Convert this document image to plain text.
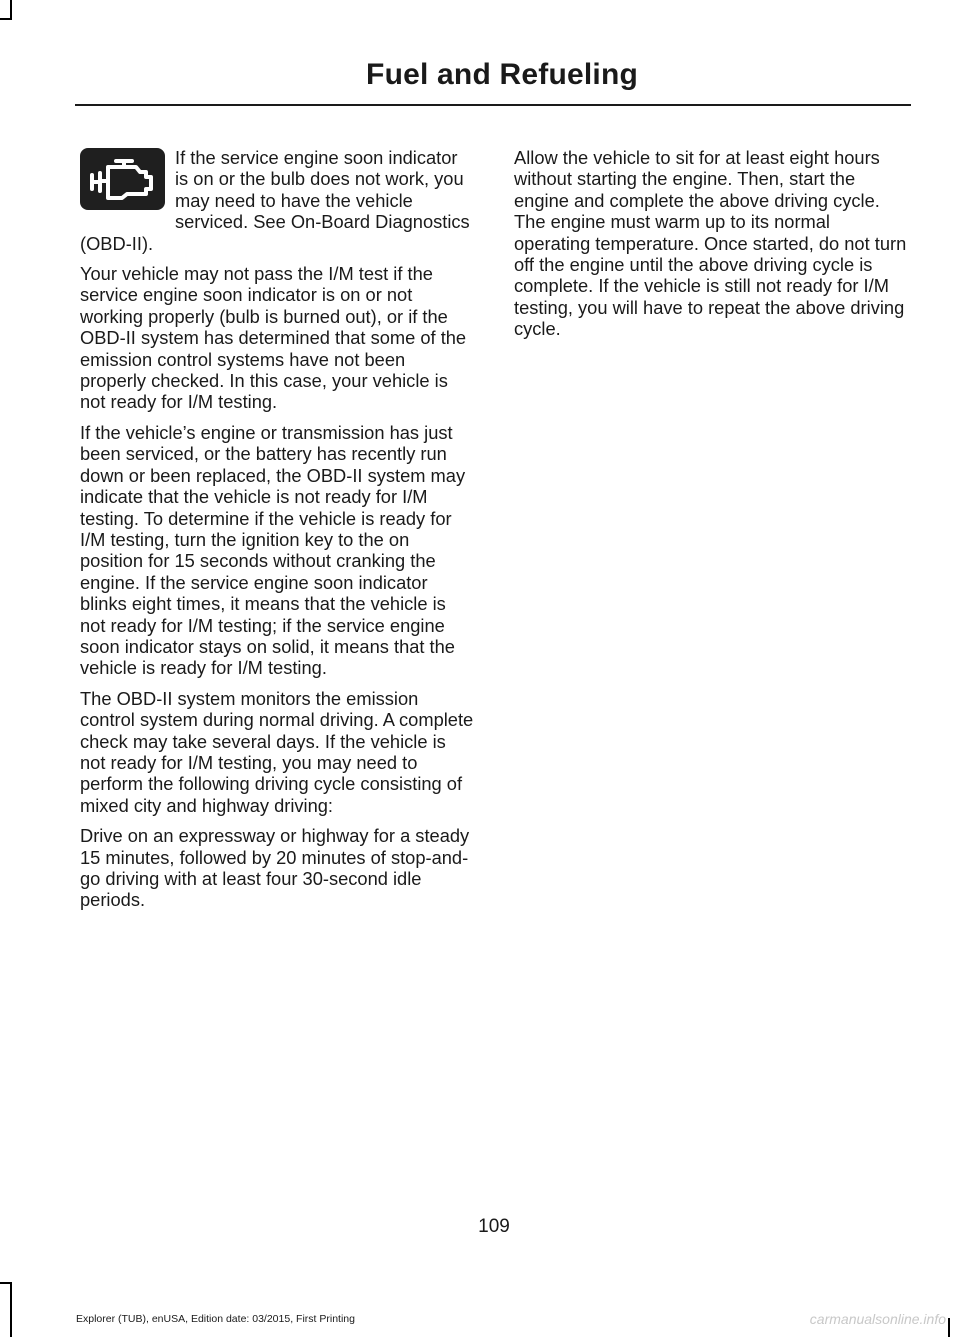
Fuel and Refueling

If the service engine soon indicator is on or the bulb does not work, you may need to have the vehicle serviced. See On-Board Diagnostics (OBD-II).

Your vehicle may not pass the I/M test if the service engine soon indicator is on or not working properly (bulb is burned out), or if the OBD-II system has determined that some of the emission control systems have not been properly checked. In this case, your vehicle is not ready for I/M testing.

If the vehicle’s engine or transmission has just been serviced, or the battery has recently run down or been replaced, the OBD-II system may indicate that the vehicle is not ready for I/M testing. To determine if the vehicle is ready for I/M testing, turn the ignition key to the on position for 15 seconds without cranking the engine. If the service engine soon indicator blinks eight times, it means that the vehicle is not ready for I/M testing; if the service engine soon indicator stays on solid, it means that the vehicle is ready for I/M testing.

The OBD-II system monitors the emission control system during normal driving. A complete check may take several days. If the vehicle is not ready for I/M testing, you may need to perform the following driving cycle consisting of mixed city and highway driving:

Drive on an expressway or highway for a steady 15 minutes, followed by 20 minutes of stop-and-go driving with at least four 30-second idle periods.

Allow the vehicle to sit for at least eight hours without starting the engine. Then, start the engine and complete the above driving cycle. The engine must warm up to its normal operating temperature. Once started, do not turn off the engine until the above driving cycle is complete. If the vehicle is still not ready for I/M testing, you will have to repeat the above driving cycle.

109

Explorer (TUB), enUSA, Edition date: 03/2015, First Printing	carmanualsonline.info
